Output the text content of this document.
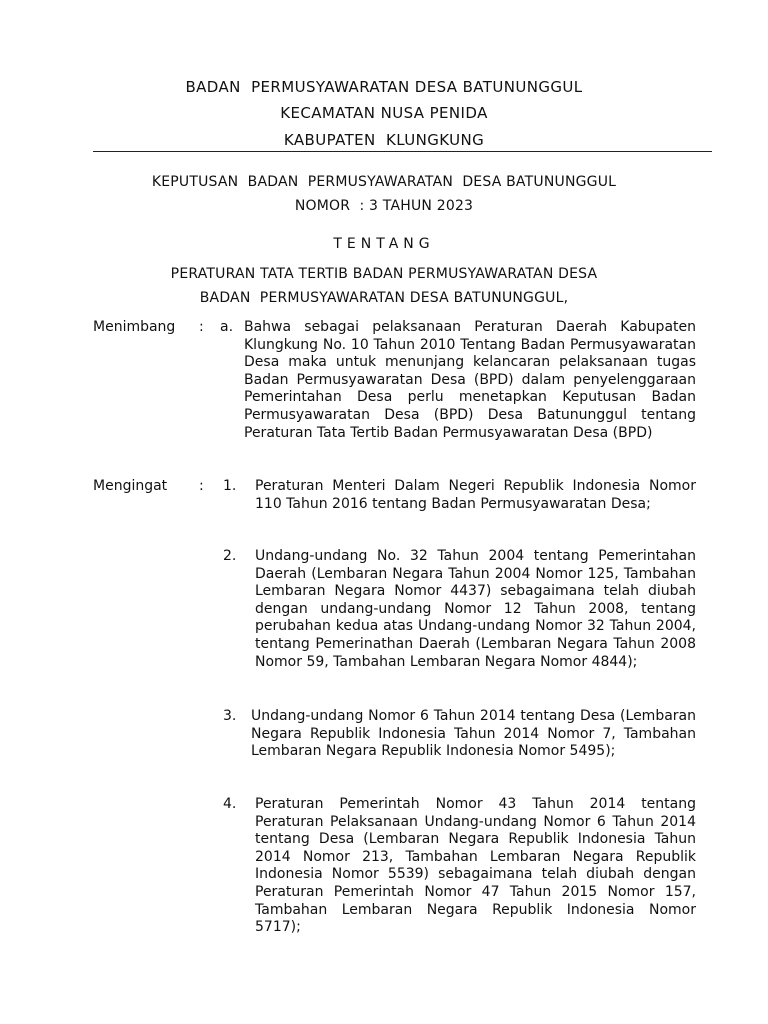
BADAN  PERMUSYAWARATAN DESA BATUNUNGGUL
KECAMATAN NUSA PENIDA
KABUPATEN  KLUNGKUNG
KEPUTUSAN  BADAN  PERMUSYAWARATAN  DESA BATUNUNGGUL
NOMOR  : 3 TAHUN 2023
TENTANG
PERATURAN TATA TERTIB BADAN PERMUSYAWARATAN DESA
BADAN  PERMUSYAWARATAN DESA BATUNUNGGUL,
Menimbang : a. Bahwa sebagai pelaksanaan Peraturan Daerah Kabupaten Klungkung No. 10 Tahun 2010 Tentang Badan Permusyawaratan Desa maka untuk menunjang kelancaran pelaksanaan tugas Badan Permusyawaratan Desa (BPD) dalam penyelenggaraan Pemerintahan Desa perlu menetapkan Keputusan Badan Permusyawaratan Desa (BPD) Desa Batununggul tentang Peraturan Tata Tertib Badan Permusyawaratan Desa (BPD)
Mengingat : 1. Peraturan Menteri Dalam Negeri Republik Indonesia Nomor 110 Tahun 2016 tentang Badan Permusyawaratan Desa;
2. Undang-undang No. 32 Tahun 2004 tentang Pemerintahan Daerah (Lembaran Negara Tahun 2004 Nomor 125, Tambahan Lembaran Negara Nomor 4437) sebagaimana telah diubah dengan undang-undang Nomor 12 Tahun 2008, tentang perubahan kedua atas Undang-undang Nomor 32 Tahun 2004, tentang Pemerinathan Daerah (Lembaran Negara Tahun 2008 Nomor 59, Tambahan Lembaran Negara Nomor 4844);
3. Undang-undang Nomor 6 Tahun 2014 tentang Desa (Lembaran Negara Republik Indonesia Tahun 2014 Nomor 7, Tambahan Lembaran Negara Republik Indonesia Nomor 5495);
4. Peraturan Pemerintah Nomor 43 Tahun 2014 tentang Peraturan Pelaksanaan Undang-undang Nomor 6 Tahun 2014 tentang Desa (Lembaran Negara Republik Indonesia Tahun 2014 Nomor 213, Tambahan Lembaran Negara Republik Indonesia Nomor 5539) sebagaimana telah diubah dengan Peraturan Pemerintah Nomor 47 Tahun 2015 Nomor 157, Tambahan Lembaran Negara Republik Indonesia Nomor 5717);
